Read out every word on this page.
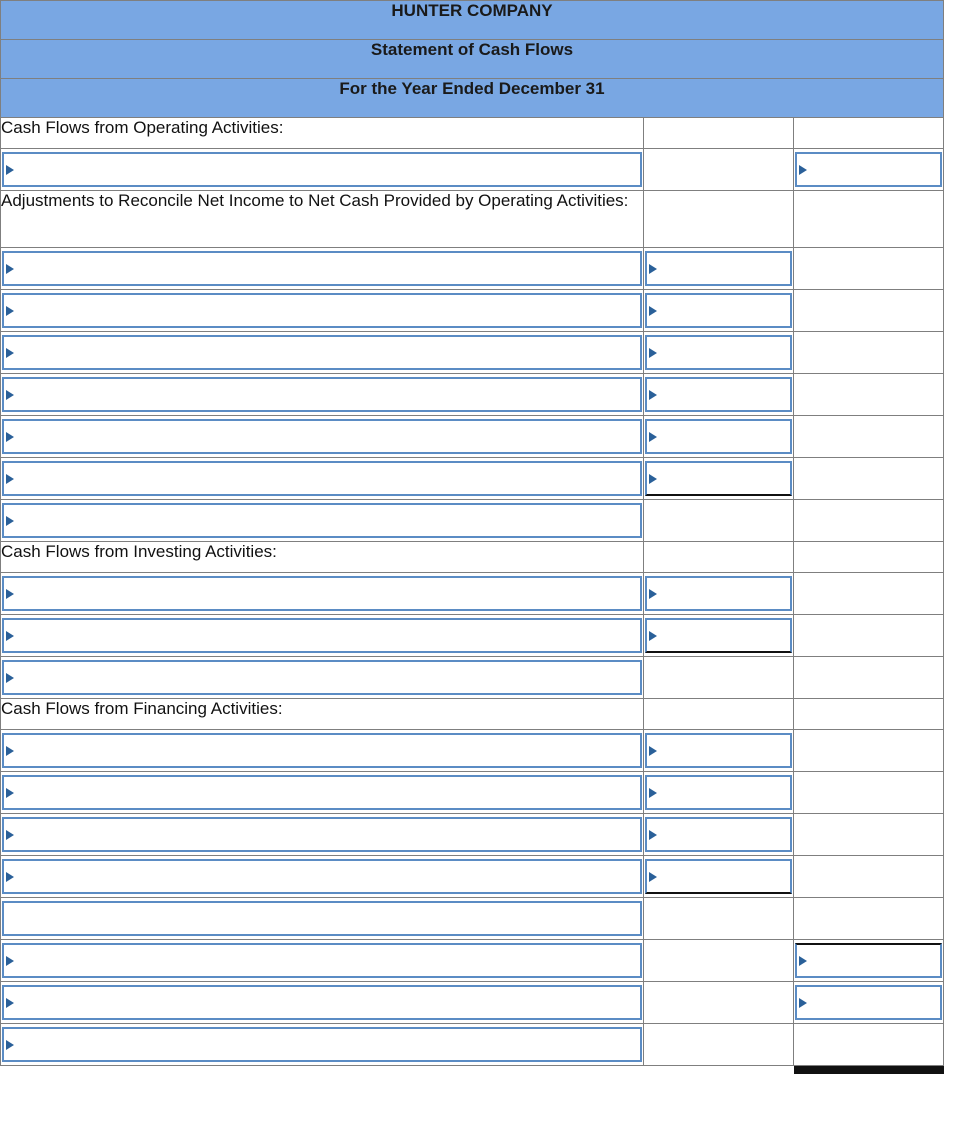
HUNTER COMPANY		
Statement of Cash Flows		
For the Year Ended December 31		
Cash Flows from Operating Activities:		

Adjustments to Reconcile Net Income to Net Cash Provided by Operating Activities:		

Cash Flows from Investing Activities:		

Cash Flows from Financing Activities:		
